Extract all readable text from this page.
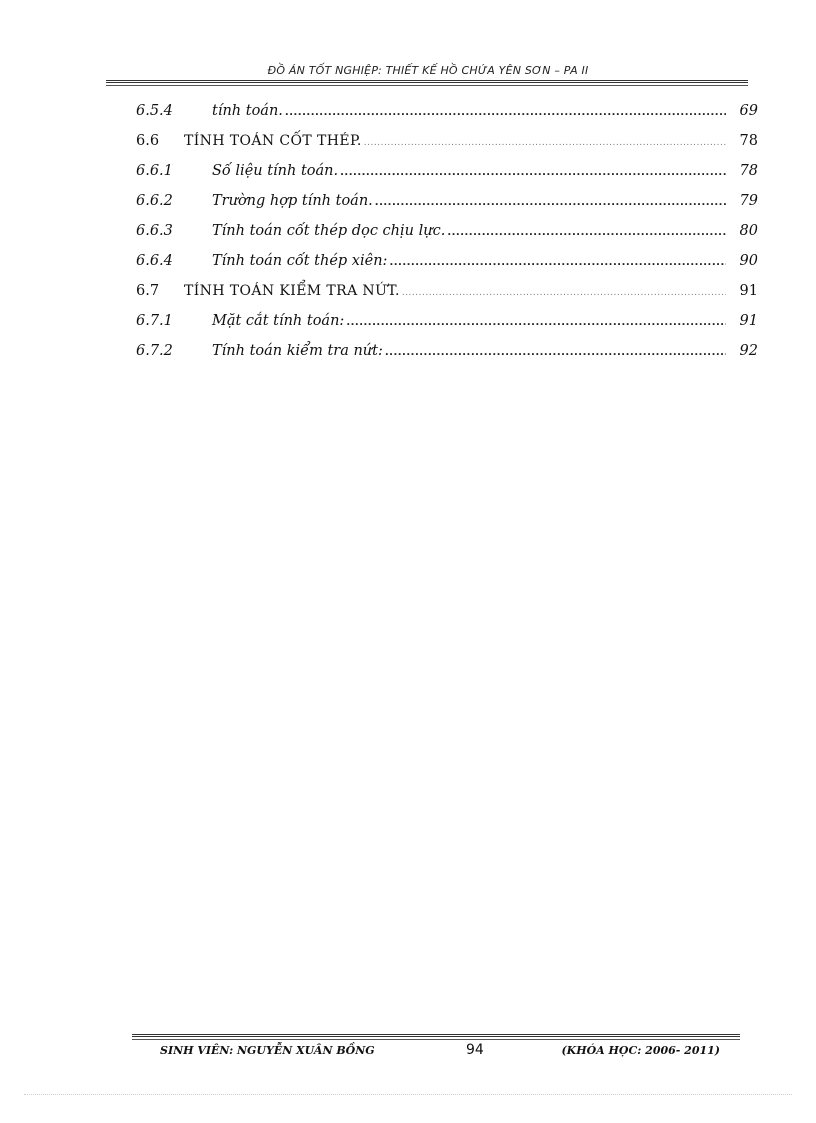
ĐỒ ÁN TỐT NGHIỆP: THIẾT KẾ HỒ CHỨA YÊN SƠN – PA II
6.5.4	tính toán. .....	69
6.6	TÍNH TOÁN CỐT THÉP. .....	78
6.6.1	Số liệu tính toán. .....	78
6.6.2	Trường hợp tính toán. .....	79
6.6.3	Tính toán cốt thép dọc chịu lực. .....	80
6.6.4	Tính toán cốt thép xiên: .....	90
6.7	TÍNH TOÁN KIỂM TRA NỨT. .....	91
6.7.1	Mặt cắt tính toán: .....	91
6.7.2	Tính toán kiểm tra nứt: .....	92
SINH VIÊN: NGUYỄN XUÂN BỒNG	94	(KHÓA HỌC: 2006- 2011)
